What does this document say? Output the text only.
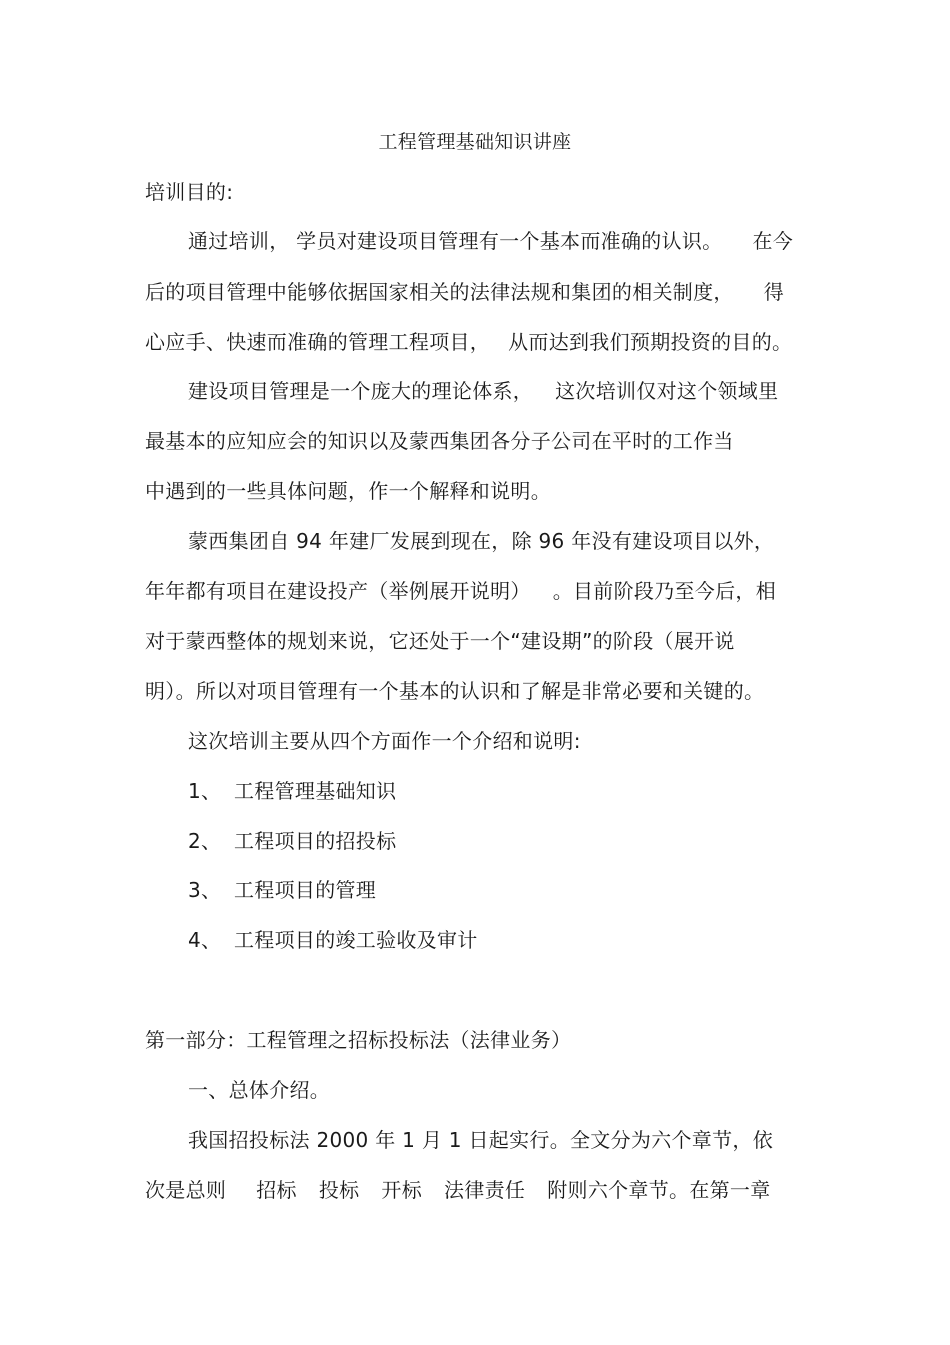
工程管理基础知识讲座
培训目的:
通过培训， 学员对建设项目管理有一个基本而准确的认识。 在今
后的项目管理中能够依据国家相关的法律法规和集团的相关制度， 得
心应手、快速而准确的管理工程项目， 从而达到我们预期投资的目的。
建设项目管理是一个庞大的理论体系， 这次培训仅对这个领域里
最基本的应知应会的知识以及蒙西集团各分子公司在平时的工作当
中遇到的一些具体问题，作一个解释和说明。
蒙西集团自 94 年建厂发展到现在，除 96 年没有建设项目以外，
年年都有项目在建设投产（举例展开说明） 。目前阶段乃至今后，相
对于蒙西整体的规划来说，它还处于一个“建设期”的阶段（展开说
明）。所以对项目管理有一个基本的认识和了解是非常必要和关键的。
这次培训主要从四个方面作一个介绍和说明:
1、 工程管理基础知识
2、 工程项目的招投标
3、 工程项目的管理
4、 工程项目的竣工验收及审计
第一部分：工程管理之招标投标法（法律业务）
一、总体介绍。
我国招投标法 2000 年 1 月 1 日起实行。全文分为六个章节，依
次是总则 招标 投标 开标 法律责任 附则六个章节。在第一章
